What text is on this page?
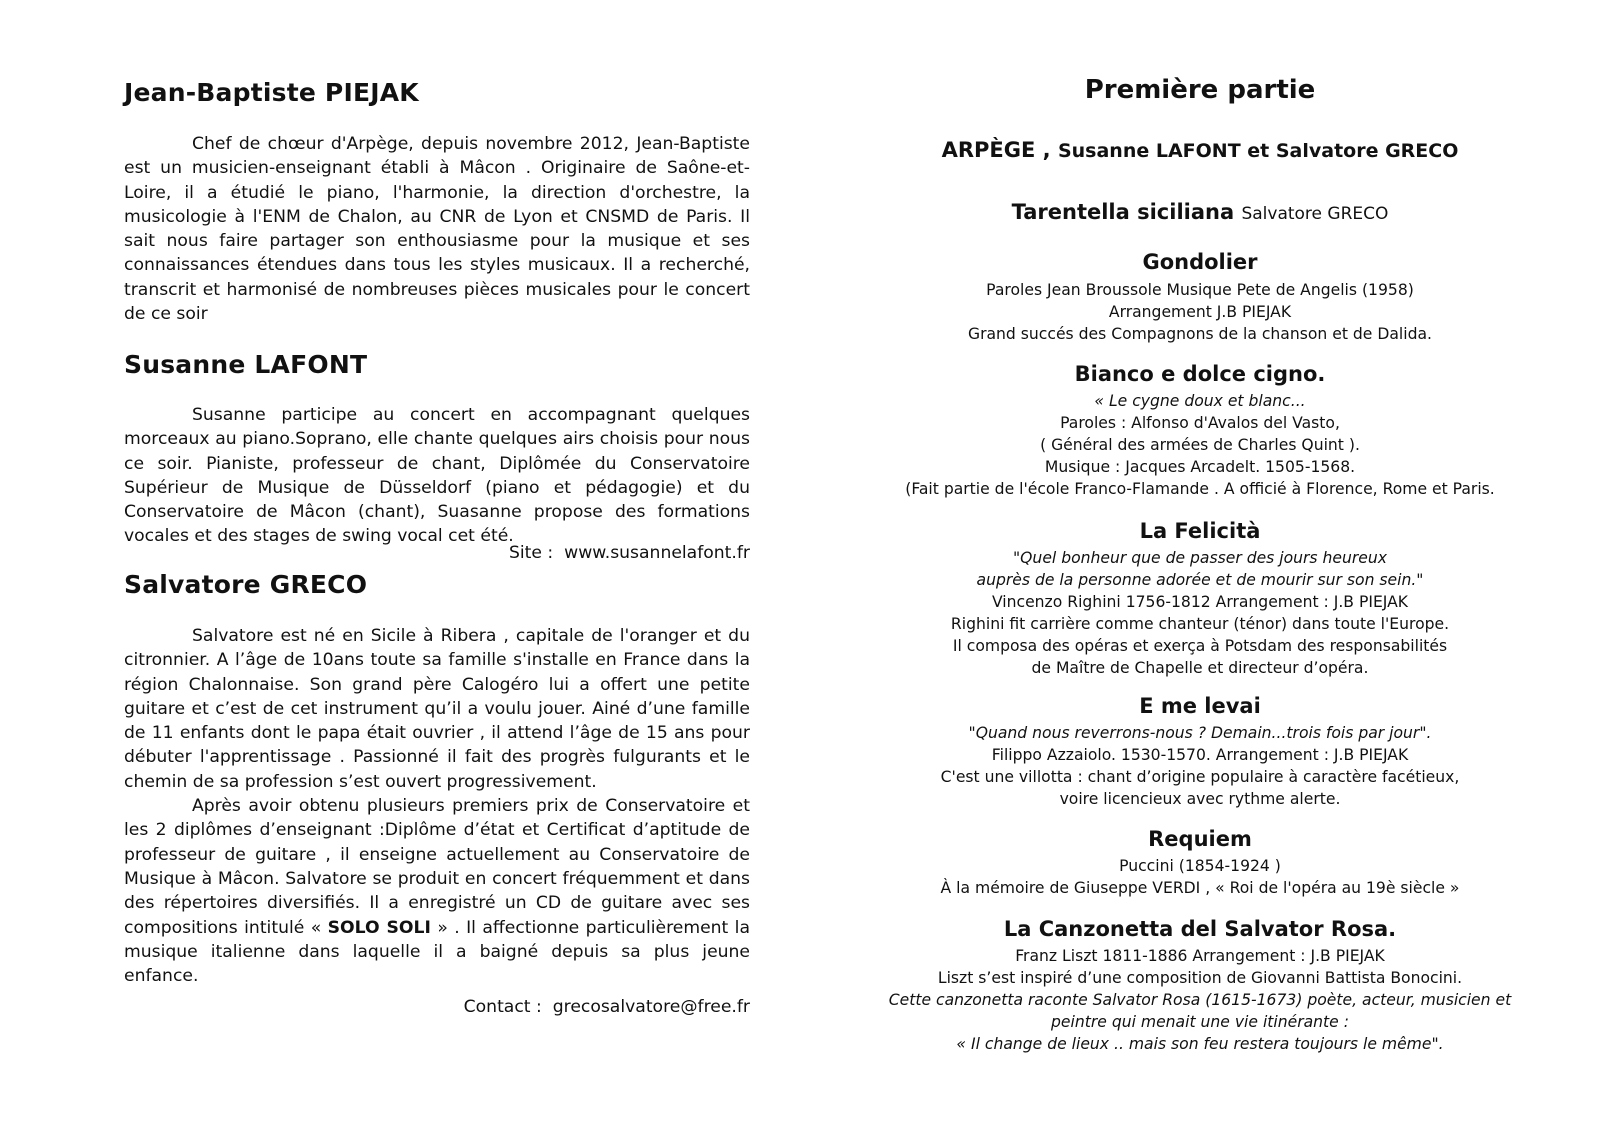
Jean-Baptiste PIEJAK

Chef de chœur d'Arpège, depuis novembre 2012, Jean-Baptiste est un musicien-enseignant établi à Mâcon . Originaire de Saône-et-Loire, il a étudié le piano, l'harmonie, la direction d'orchestre, la musicologie à l'ENM de Chalon, au CNR de Lyon et CNSMD de Paris. Il sait nous faire partager son enthousiasme pour la musique et ses connaissances étendues dans tous les styles musicaux. Il a recherché, transcrit et harmonisé de nombreuses pièces musicales pour le concert de ce soir

Susanne LAFONT

Susanne participe au concert en accompagnant quelques morceaux au piano.Soprano, elle chante quelques airs choisis pour nous ce soir. Pianiste, professeur de chant, Diplômée du Conservatoire Supérieur de Musique de Düsseldorf (piano et pédagogie) et du Conservatoire de Mâcon (chant), Suasanne propose des formations vocales et des stages de swing vocal cet été.

Site : www.susannelafont.fr
Salvatore GRECO

Salvatore est né en Sicile à Ribera , capitale de l'oranger et du citronnier. A l’âge de 10ans toute sa famille s'installe en France dans la région Chalonnaise. Son grand père Calogéro lui a offert une petite guitare et c’est de cet instrument qu’il a voulu jouer. Ainé d’une famille de 11 enfants dont le papa était ouvrier , il attend l’âge de 15 ans pour débuter l'apprentissage . Passionné il fait des progrès fulgurants et le chemin de sa profession s’est ouvert progressivement.

Après avoir obtenu plusieurs premiers prix de Conservatoire et les 2 diplômes d’enseignant :Diplôme d’état et Certificat d’aptitude de professeur de guitare , il enseigne actuellement au Conservatoire de Musique à Mâcon. Salvatore se produit en concert fréquemment et dans des répertoires diversifiés. Il a enregistré un CD de guitare avec ses compositions intitulé « SOLO SOLI » . Il affectionne particulièrement la musique italienne dans laquelle il a baigné depuis sa plus jeune enfance.

Contact : grecosalvatore@free.fr
Première partie
ARPÈGE , Susanne LAFONT et Salvatore GRECO
Tarentella siciliana Salvatore GRECO
Gondolier
Paroles Jean Broussole Musique Pete de Angelis (1958)
Arrangement J.B PIEJAK
Grand succés des Compagnons de la chanson et de Dalida.
Bianco e dolce cigno.
« Le cygne doux et blanc...
Paroles : Alfonso d'Avalos del Vasto,
( Général des armées de Charles Quint ).
Musique : Jacques Arcadelt. 1505-1568.
(Fait partie de l'école Franco-Flamande . A officié à Florence, Rome et Paris.
La Felicità
"Quel bonheur que de passer des jours heureux
auprès de la personne adorée et de mourir sur son sein."
Vincenzo Righini 1756-1812 Arrangement : J.B PIEJAK
Righini fit carrière comme chanteur (ténor) dans toute l'Europe.
Il composa des opéras et exerça à Potsdam des responsabilités
de Maître de Chapelle et directeur d’opéra.
E me levai
"Quand nous reverrons-nous ? Demain...trois fois par jour".
Filippo Azzaiolo. 1530-1570. Arrangement : J.B PIEJAK
C'est une villotta : chant d’origine populaire à caractère facétieux,
voire licencieux avec rythme alerte.
Requiem
Puccini (1854-1924 )
À la mémoire de Giuseppe VERDI , « Roi de l'opéra au 19è siècle »
La Canzonetta del Salvator Rosa.
Franz Liszt 1811-1886 Arrangement : J.B PIEJAK
Liszt s’est inspiré d’une composition de Giovanni Battista Bonocini.
Cette canzonetta raconte Salvator Rosa (1615-1673) poète, acteur, musicien et
peintre qui menait une vie itinérante :
« Il change de lieux .. mais son feu restera toujours le même".
